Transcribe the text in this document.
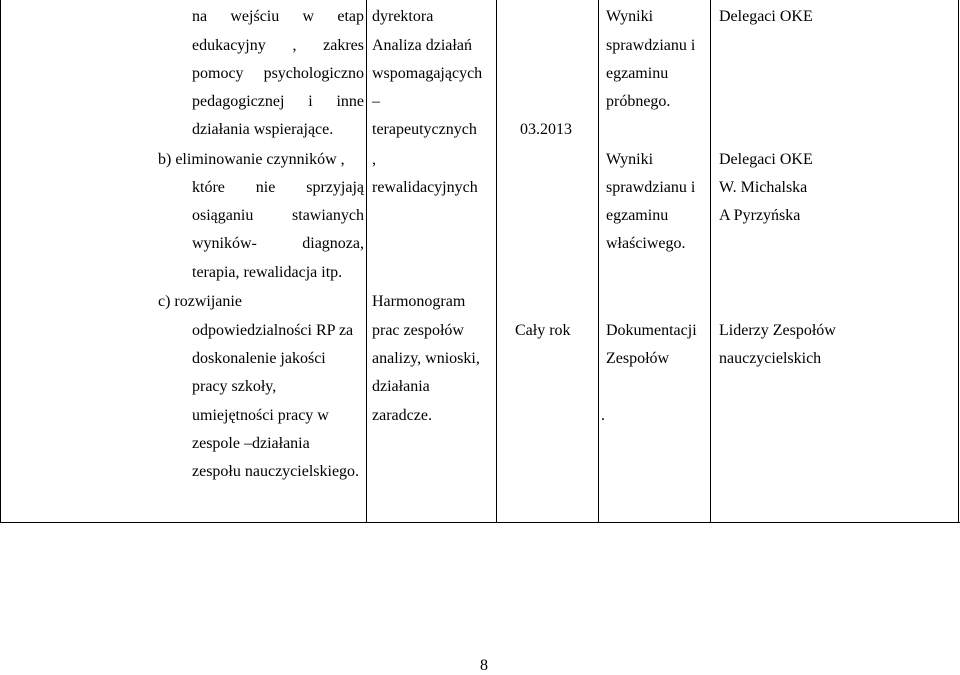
na wejściu w etap
edukacyjny , zakres
pomocy psychologiczno
pedagogicznej i inne
działania wspierające.
dyrektora
Analiza działań
wspomagających
–
terapeutycznych	03.2013
Wyniki
sprawdzianu i
egzaminu
próbnego.
Delegaci OKE
b) eliminowanie czynników ,
które nie sprzyjają
osiąganiu stawianych
wyników-	diagnoza,
terapia, rewalidacja itp.
,
rewalidacyjnych
Wyniki
sprawdzianu i
egzaminu
właściwego.
Delegaci OKE
W. Michalska
A Pyrzyńska
c) rozwijanie
odpowiedzialności RP za
doskonalenie jakości
pracy szkoły,
umiejętności pracy w
zespole –działania
zespołu nauczycielskiego.
Harmonogram
prac zespołów
analizy, wnioski,
działania
zaradcze.
Cały rok Dokumentacji
Zespołów
.
Liderzy Zespołów
nauczycielskich
8
